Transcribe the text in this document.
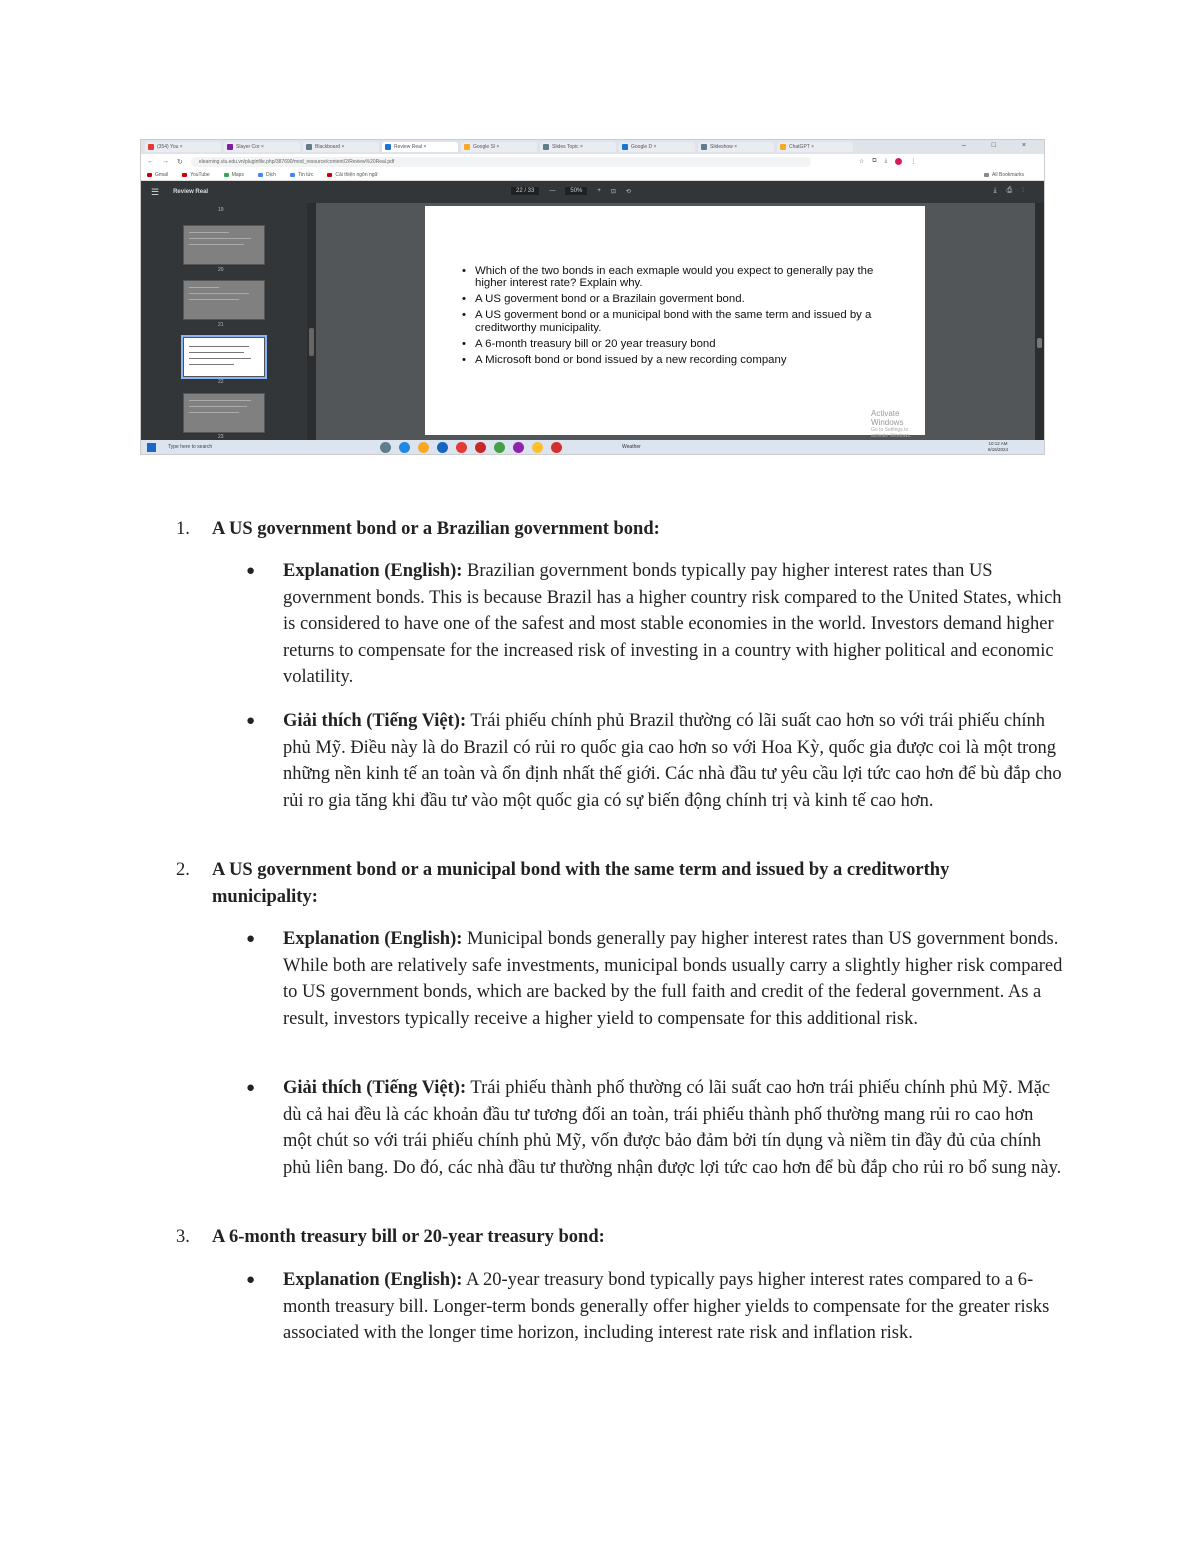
(354) You ×	Slayer Cor ×	Blackboard ×	Review Real ×	Google Sl ×	Slides Topic ×	Google D ×	Slideshow ×	ChatGPT ×	– □ ×
← → ↻	elearning.vlu.edu.vn/pluginfile.php/387690/mod_resource/content/2/Review%20Real.pdf	☆ ⧉ ⤓	⋮
Gmail	YouTube	Maps	Dịch	Tin tức	Cải thiện ngôn ngữ	All Bookmarks
☰ Review Real	22 / 33	—	50%	+ ⊡ ⟲	⤓⎙⋮
19
20
21
22
23
• Which of the two bonds in each exmaple would you expect to generally pay the higher interest rate? Explain why.
• A US goverment bond or a Brazilain goverment bond.
• A US goverment bond or a municipal bond with the same term and issued by a creditworthy municipality.
• A 6-month treasury bill or 20 year treasury bond
• A Microsoft bond or bond issued by a new recording company
Activate Windows
Go to Settings to activate Windows.
Type here to search	Weather
10:12 AM
6/16/2024
1. A US government bond or a Brazilian government bond:
● Explanation (English): Brazilian government bonds typically pay higher interest rates than US government bonds. This is because Brazil has a higher country risk compared to the United States, which is considered to have one of the safest and most stable economies in the world. Investors demand higher returns to compensate for the increased risk of investing in a country with higher political and economic volatility.
● Giải thích (Tiếng Việt): Trái phiếu chính phủ Brazil thường có lãi suất cao hơn so với trái phiếu chính phủ Mỹ. Điều này là do Brazil có rủi ro quốc gia cao hơn so với Hoa Kỳ, quốc gia được coi là một trong những nền kinh tế an toàn và ổn định nhất thế giới. Các nhà đầu tư yêu cầu lợi tức cao hơn để bù đắp cho rủi ro gia tăng khi đầu tư vào một quốc gia có sự biến động chính trị và kinh tế cao hơn.
2. A US government bond or a municipal bond with the same term and issued by a creditworthy municipality:
● Explanation (English): Municipal bonds generally pay higher interest rates than US government bonds. While both are relatively safe investments, municipal bonds usually carry a slightly higher risk compared to US government bonds, which are backed by the full faith and credit of the federal government. As a result, investors typically receive a higher yield to compensate for this additional risk.
● Giải thích (Tiếng Việt): Trái phiếu thành phố thường có lãi suất cao hơn trái phiếu chính phủ Mỹ. Mặc dù cả hai đều là các khoản đầu tư tương đối an toàn, trái phiếu thành phố thường mang rủi ro cao hơn một chút so với trái phiếu chính phủ Mỹ, vốn được bảo đảm bởi tín dụng và niềm tin đầy đủ của chính phủ liên bang. Do đó, các nhà đầu tư thường nhận được lợi tức cao hơn để bù đắp cho rủi ro bổ sung này.
3. A 6-month treasury bill or 20-year treasury bond:
● Explanation (English): A 20-year treasury bond typically pays higher interest rates compared to a 6-month treasury bill. Longer-term bonds generally offer higher yields to compensate for the greater risks associated with the longer time horizon, including interest rate risk and inflation risk.
